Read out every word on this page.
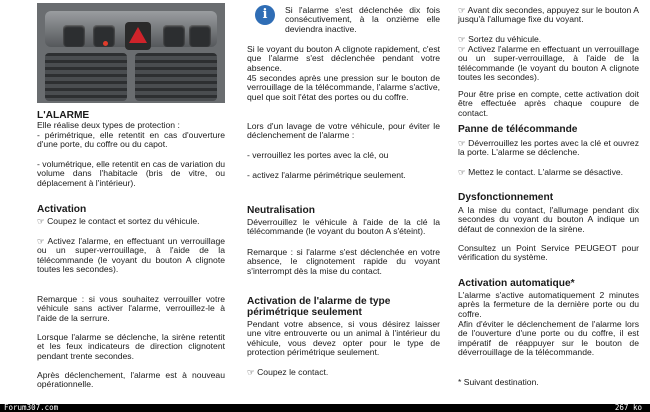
L'ALARME

Elle réalise deux types de protection :

- périmétrique, elle retentit en cas d'ouverture d'une porte, du coffre ou du capot.

- volumétrique, elle retentit en cas de variation du volume dans l'habitacle (bris de vitre, ou déplacement à l'intérieur).

Activation

☞ Coupez le contact et sortez du véhicule.

☞ Activez l'alarme, en effectuant un verrouillage ou un super-verrouillage, à l'aide de la télécommande (le voyant du bouton A clignote toutes les secondes).

Remarque : si vous souhaitez verrouiller votre véhicule sans activer l'alarme, verrouillez-le à l'aide de la serrure.

Lorsque l'alarme se déclenche, la sirène retentit et les feux indicateurs de direction clignotent pendant trente secondes.

Après déclenchement, l'alarme est à nouveau opérationnelle.

i	Si l'alarme s'est déclenchée dix fois consécutivement, à la onzième elle deviendra inactive.

Si le voyant du bouton A clignote rapidement, c'est que l'alarme s'est déclenchée pendant votre absence.

45 secondes après une pression sur le bouton de verrouillage de la télécommande, l'alarme s'active, quel que soit l'état des portes ou du coffre.

Lors d'un lavage de votre véhicule, pour éviter le déclenchement de l'alarme :

- verrouillez les portes avec la clé, ou

- activez l'alarme périmétrique seulement.

Neutralisation

Déverrouillez le véhicule à l'aide de la clé la télécommande (le voyant du bouton A s'éteint).

Remarque : si l'alarme s'est déclenchée en votre absence, le clignotement rapide du voyant s'interrompt dès la mise du contact.

Activation de l'alarme de type périmétrique seulement

Pendant votre absence, si vous désirez laisser une vitre entrouverte ou un animal à l'intérieur du véhicule, vous devez opter pour le type de protection périmétrique seulement.

☞ Coupez le contact.

☞ Avant dix secondes, appuyez sur le bouton A jusqu'à l'allumage fixe du voyant.

☞ Sortez du véhicule.

☞ Activez l'alarme en effectuant un verrouillage ou un super-verrouillage, à l'aide de la télécommande (le voyant du bouton A clignote toutes les secondes).

Pour être prise en compte, cette activation doit être effectuée après chaque coupure de contact.

Panne de télécommande

☞ Déverrouillez les portes avec la clé et ouvrez la porte. L'alarme se déclenche.

☞ Mettez le contact. L'alarme se désactive.

Dysfonctionnement

A la mise du contact, l'allumage pendant dix secondes du voyant du bouton A indique un défaut de connexion de la sirène.

Consultez un Point Service PEUGEOT pour vérification du système.

Activation automatique*

L'alarme s'active automatiquement 2 minutes après la fermeture de la dernière porte ou du coffre.

Afin d'éviter le déclenchement de l'alarme lors de l'ouverture d'une porte ou du coffre, il est impératif de réappuyer sur le bouton de déverrouillage de la télécommande.

* Suivant destination.

Forum307.com	267 ko
